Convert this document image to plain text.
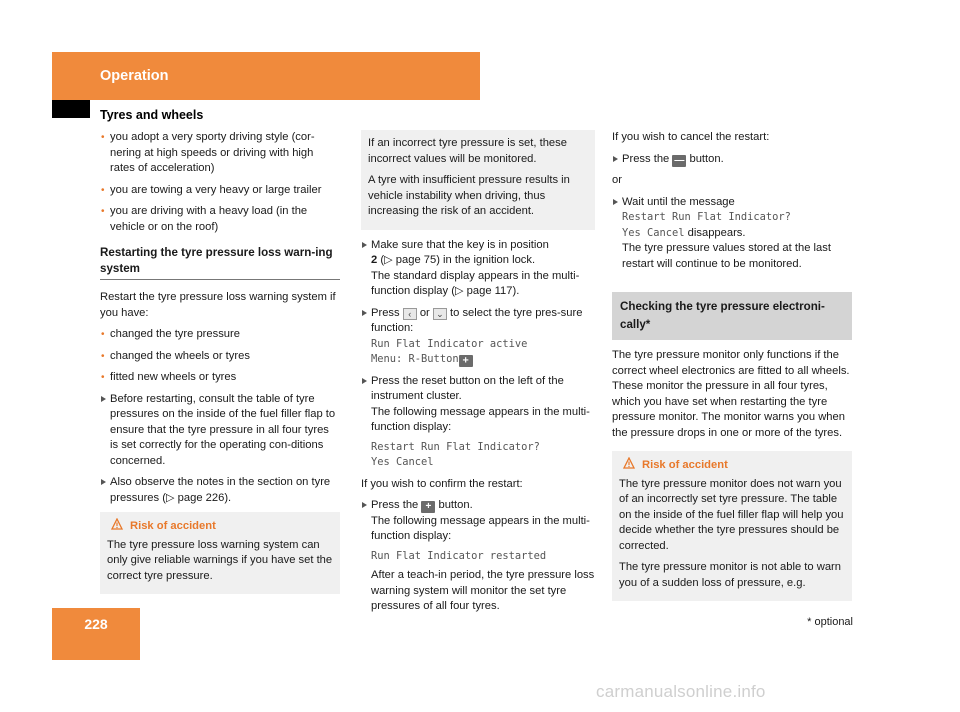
Operation
Tyres and wheels
• you adopt a very sporty driving style (cor-nering at high speeds or driving with high rates of acceleration)
• you are towing a very heavy or large trailer
• you are driving with a heavy load (in the vehicle or on the roof)
Restarting the tyre pressure loss warn-ing system

Restart the tyre pressure loss warning system if you have:

• changed the tyre pressure
• changed the wheels or tyres
• fitted new wheels or tyres
Before restarting, consult the table of tyre pressures on the inside of the fuel filler flap to ensure that the tyre pressure in all four tyres is set correctly for the operating con-ditions concerned.
Also observe the notes in the section on tyre pressures (▷ page 226).
Risk of accident

The tyre pressure loss warning system can only give reliable warnings if you have set the correct tyre pressure.

If an incorrect tyre pressure is set, these incorrect values will be monitored.

A tyre with insufficient pressure results in vehicle instability when driving, thus increasing the risk of an accident.

Make sure that the key is in position
2 (▷ page 75) in the ignition lock.
The standard display appears in the multi-function display (▷ page 117).
Press ‹ or ⌄ to select the tyre pres-sure function:
Run Flat Indicator active
Menu: R-Button +
Press the reset button on the left of the instrument cluster.
The following message appears in the multi-function display:
Restart Run Flat Indicator?
Yes Cancel

If you wish to confirm the restart:

Press the + button.
The following message appears in the multi-function display:
Run Flat Indicator restarted
After a teach-in period, the tyre pressure loss warning system will monitor the set tyre pressures of all four tyres.

If you wish to cancel the restart:

Press the — button.

or

Wait until the message
Restart Run Flat Indicator?
Yes Cancel disappears.
The tyre pressure values stored at the last restart will continue to be monitored.
Checking the tyre pressure electroni-cally*

The tyre pressure monitor only functions if the correct wheel electronics are fitted to all wheels. These monitor the pressure in all four tyres, which you have set when restarting the tyre pressure monitor. The monitor warns you when the pressure drops in one or more of the tyres.

Risk of accident

The tyre pressure monitor does not warn you of an incorrectly set tyre pressure. The table on the inside of the fuel filler flap will help you decide whether the tyre pressures should be corrected.

The tyre pressure monitor is not able to warn you of a sudden loss of pressure, e.g.

228	* optional
carmanualsonline.info
